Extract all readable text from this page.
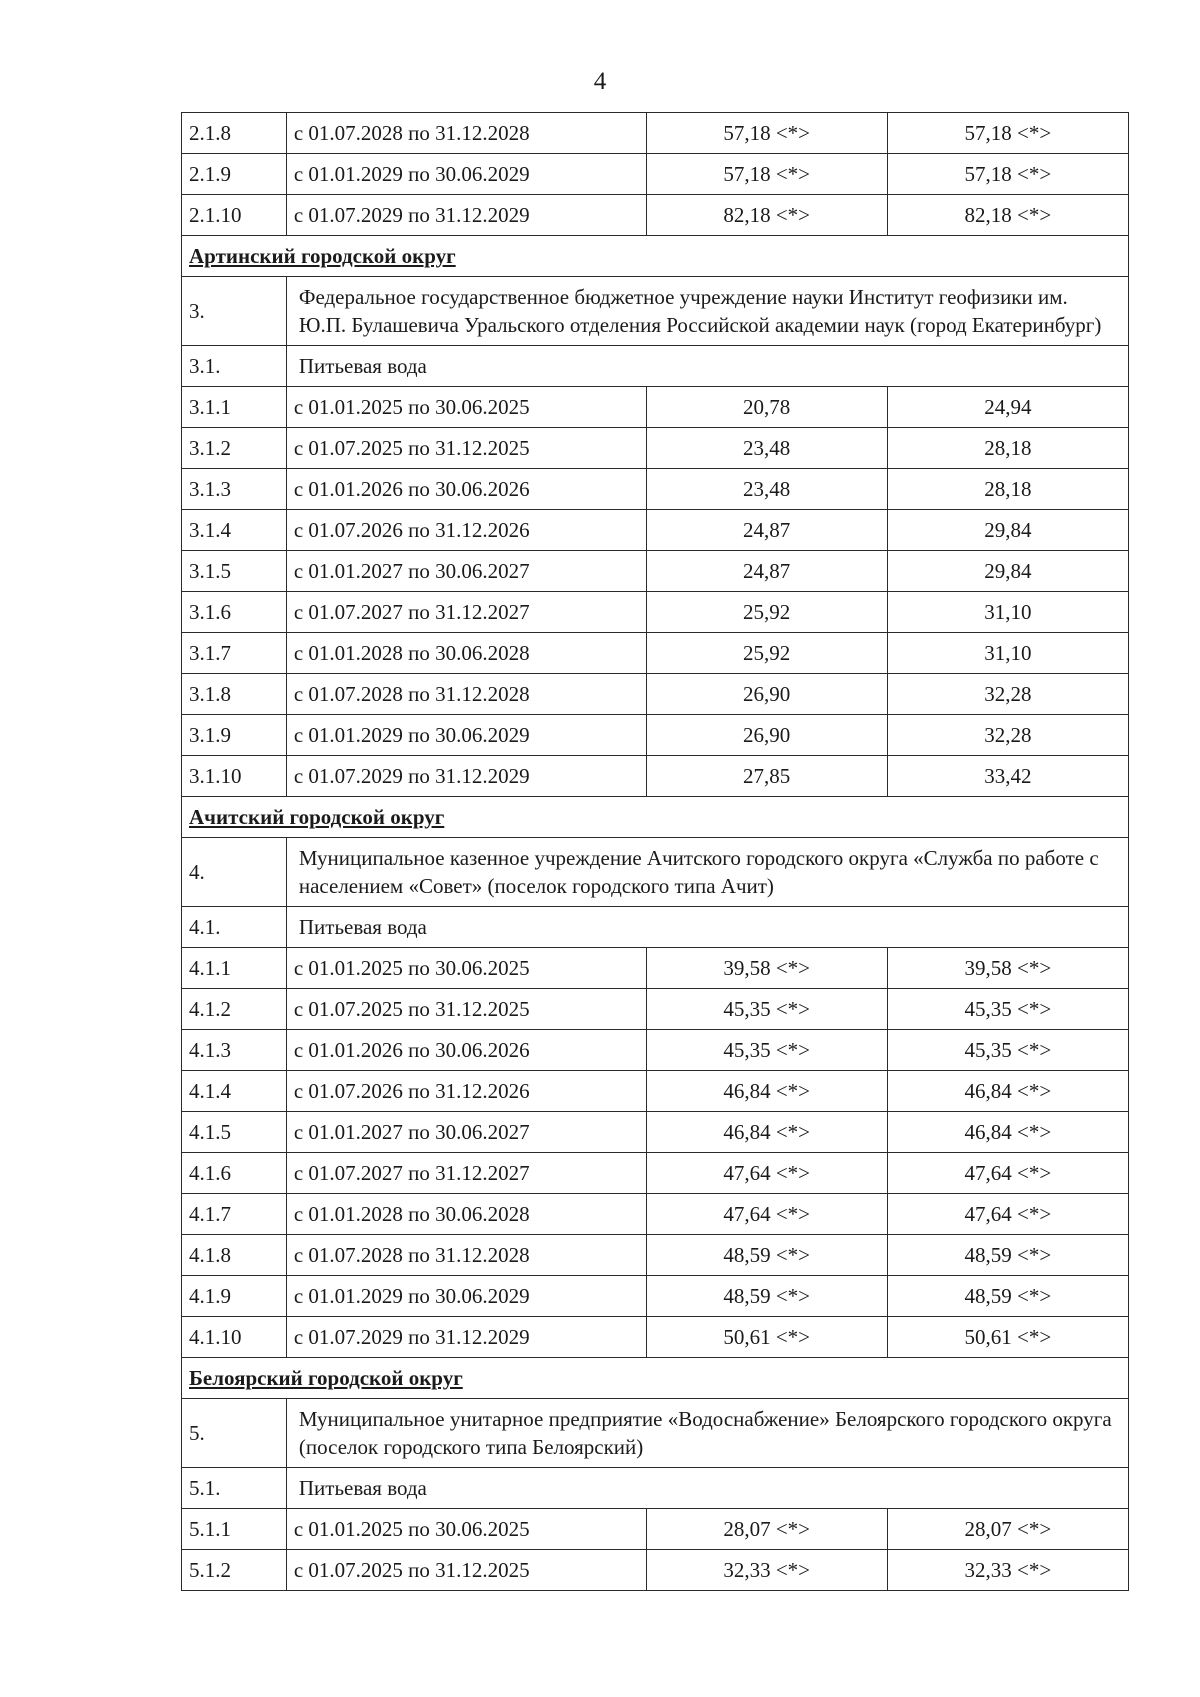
4
2.1.8	с 01.07.2028 по 31.12.2028	57,18 <*>	57,18 <*>
2.1.9	с 01.01.2029 по 30.06.2029	57,18 <*>	57,18 <*>
2.1.10	с 01.07.2029 по 31.12.2029	82,18 <*>	82,18 <*>
Артинский городской округ			
3.	Федеральное государственное бюджетное учреждение науки Институт геофизики им. Ю.П. Булашевича Уральского отделения Российской академии наук (город Екатеринбург)		
3.1.	Питьевая вода		
3.1.1	с 01.01.2025 по 30.06.2025	20,78	24,94
3.1.2	с 01.07.2025 по 31.12.2025	23,48	28,18
3.1.3	с 01.01.2026 по 30.06.2026	23,48	28,18
3.1.4	с 01.07.2026 по 31.12.2026	24,87	29,84
3.1.5	с 01.01.2027 по 30.06.2027	24,87	29,84
3.1.6	с 01.07.2027 по 31.12.2027	25,92	31,10
3.1.7	с 01.01.2028 по 30.06.2028	25,92	31,10
3.1.8	с 01.07.2028 по 31.12.2028	26,90	32,28
3.1.9	с 01.01.2029 по 30.06.2029	26,90	32,28
3.1.10	с 01.07.2029 по 31.12.2029	27,85	33,42
Ачитский городской округ			
4.	Муниципальное казенное учреждение Ачитского городского округа «Служба по работе с населением «Совет» (поселок городского типа Ачит)		
4.1.	Питьевая вода		
4.1.1	с 01.01.2025 по 30.06.2025	39,58 <*>	39,58 <*>
4.1.2	с 01.07.2025 по 31.12.2025	45,35 <*>	45,35 <*>
4.1.3	с 01.01.2026 по 30.06.2026	45,35 <*>	45,35 <*>
4.1.4	с 01.07.2026 по 31.12.2026	46,84 <*>	46,84 <*>
4.1.5	с 01.01.2027 по 30.06.2027	46,84 <*>	46,84 <*>
4.1.6	с 01.07.2027 по 31.12.2027	47,64 <*>	47,64 <*>
4.1.7	с 01.01.2028 по 30.06.2028	47,64 <*>	47,64 <*>
4.1.8	с 01.07.2028 по 31.12.2028	48,59 <*>	48,59 <*>
4.1.9	с 01.01.2029 по 30.06.2029	48,59 <*>	48,59 <*>
4.1.10	с 01.07.2029 по 31.12.2029	50,61 <*>	50,61 <*>
Белоярский городской округ			
5.	Муниципальное унитарное предприятие «Водоснабжение» Белоярского городского округа (поселок городского типа Белоярский)		
5.1.	Питьевая вода		
5.1.1	с 01.01.2025 по 30.06.2025	28,07 <*>	28,07 <*>
5.1.2	с 01.07.2025 по 31.12.2025	32,33 <*>	32,33 <*>
